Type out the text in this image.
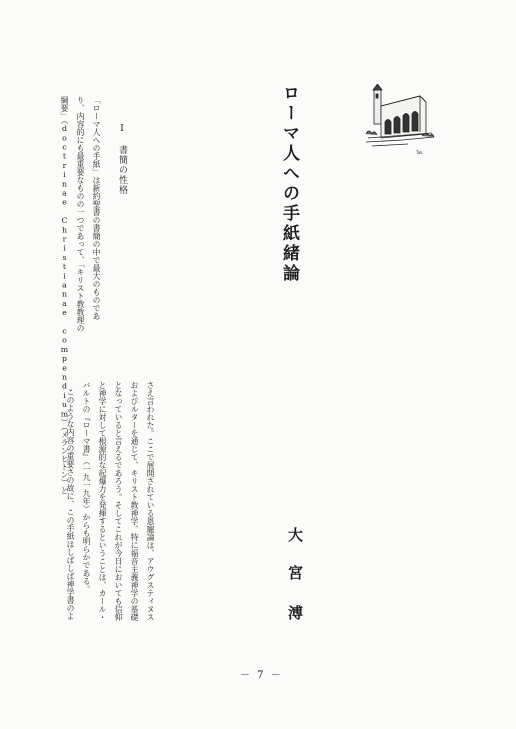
ローマ人への手紙緒論	Tak.
Ⅰ　書簡の性格
「ローマ人への手紙」は新約聖書の書簡の中で最大のものであ
り、内容的にも最重要なものの一つであって、「キリスト教教理の
綱要」（doctrinae Christianae compendium）（メランヒトン）と
さえ言われた。ここで展開されている恩寵論は、アウグスティヌス
およびルターを通じて、キリスト教神学、特に福音主義神学の基礎
となっていると言えるであろう。そしてこれが今日においても信仰
と神学に対して根源的な起爆力を発揮するということは、カール・
バルトの『ローマ書』（一九一九年）からも明らかである。
このような内容の重要さの故に、この手紙はしばしば神学書のよ	大
宮
溥
－ 7 －
